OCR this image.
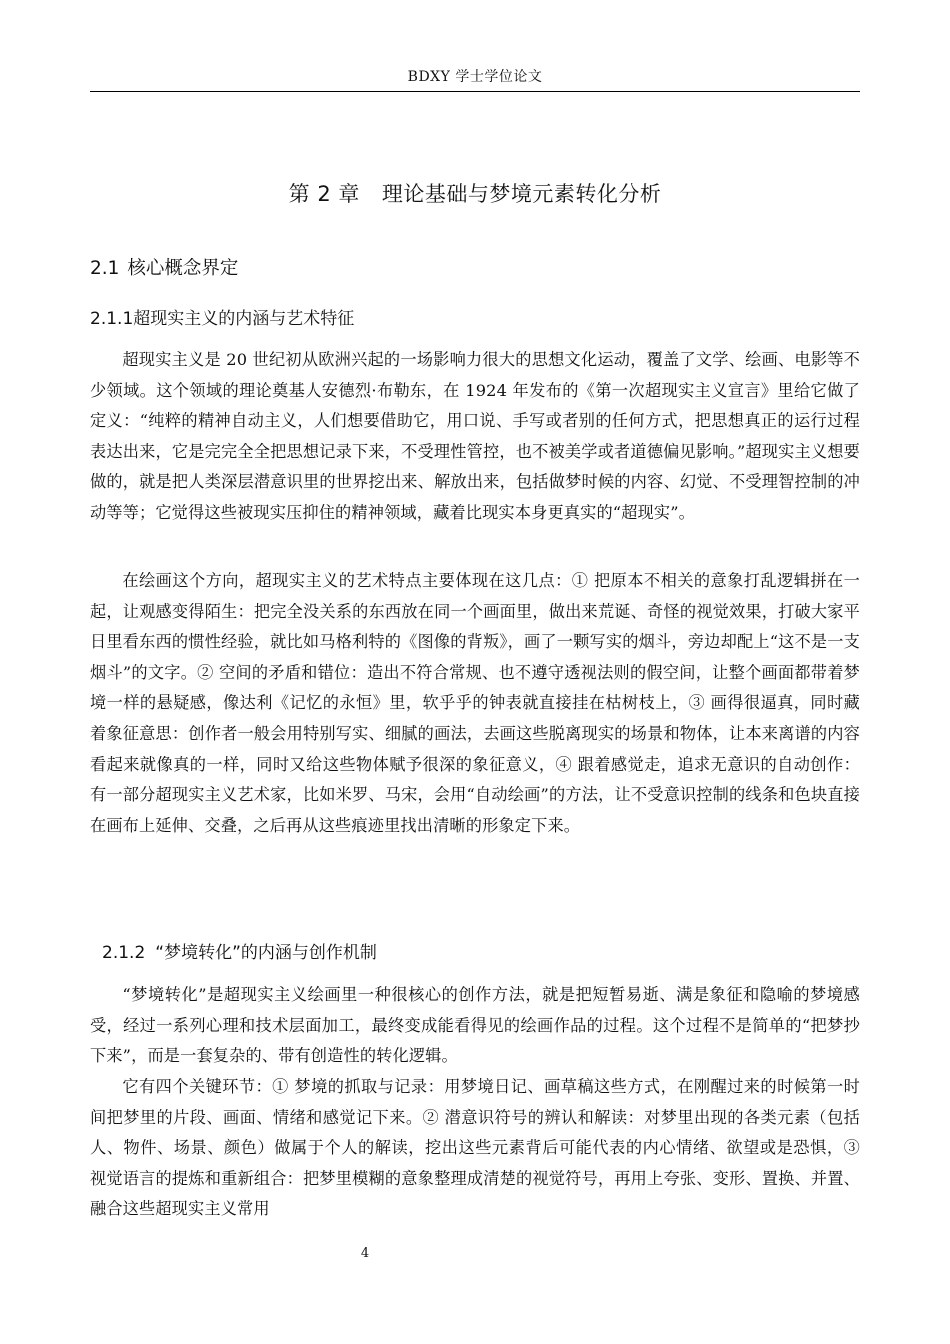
BDXY 学士学位论文
第 2 章 理论基础与梦境元素转化分析
2.1 核心概念界定
2.1.1超现实主义的内涵与艺术特征

超现实主义是 20 世纪初从欧洲兴起的一场影响力很大的思想文化运动，覆盖了文学、绘画、电影等不少领域。这个领域的理论奠基人安德烈·布勒东，在 1924 年发布的《第一次超现实主义宣言》里给它做了定义：“纯粹的精神自动主义，人们想要借助它，用口说、手写或者别的任何方式，把思想真正的运行过程表达出来，它是完完全全把思想记录下来，不受理性管控，也不被美学或者道德偏见影响。”超现实主义想要做的，就是把人类深层潜意识里的世界挖出来、解放出来，包括做梦时候的内容、幻觉、不受理智控制的冲动等等；它觉得这些被现实压抑住的精神领域，藏着比现实本身更真实的“超现实”。

在绘画这个方向，超现实主义的艺术特点主要体现在这几点：① 把原本不相关的意象打乱逻辑拼在一起，让观感变得陌生：把完全没关系的东西放在同一个画面里，做出来荒诞、奇怪的视觉效果，打破大家平日里看东西的惯性经验，就比如马格利特的《图像的背叛》，画了一颗写实的烟斗，旁边却配上“这不是一支烟斗”的文字。② 空间的矛盾和错位：造出不符合常规、也不遵守透视法则的假空间，让整个画面都带着梦境一样的悬疑感，像达利《记忆的永恒》里，软乎乎的钟表就直接挂在枯树枝上，③ 画得很逼真，同时藏着象征意思：创作者一般会用特别写实、细腻的画法，去画这些脱离现实的场景和物体，让本来离谱的内容看起来就像真的一样，同时又给这些物体赋予很深的象征意义，④ 跟着感觉走，追求无意识的自动创作：有一部分超现实主义艺术家，比如米罗、马宋，会用“自动绘画”的方法，让不受意识控制的线条和色块直接在画布上延伸、交叠，之后再从这些痕迹里找出清晰的形象定下来。

2.1.2 “梦境转化”的内涵与创作机制

“梦境转化”是超现实主义绘画里一种很核心的创作方法，就是把短暂易逝、满是象征和隐喻的梦境感受，经过一系列心理和技术层面加工，最终变成能看得见的绘画作品的过程。这个过程不是简单的“把梦抄下来”，而是一套复杂的、带有创造性的转化逻辑。

它有四个关键环节：① 梦境的抓取与记录：用梦境日记、画草稿这些方式，在刚醒过来的时候第一时间把梦里的片段、画面、情绪和感觉记下来。② 潜意识符号的辨认和解读：对梦里出现的各类元素（包括人、物件、场景、颜色）做属于个人的解读，挖出这些元素背后可能代表的内心情绪、欲望或是恐惧，③ 视觉语言的提炼和重新组合：把梦里模糊的意象整理成清楚的视觉符号，再用上夸张、变形、置换、并置、融合这些超现实主义常用

4
